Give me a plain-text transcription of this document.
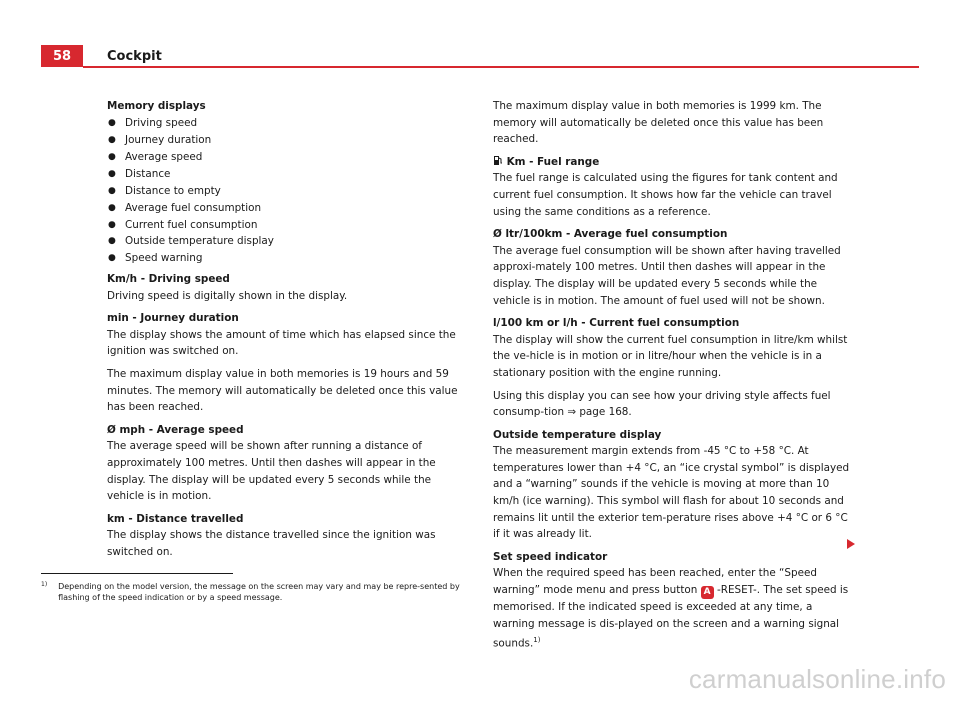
58	Cockpit
Memory displays
● Driving speed
● Journey duration
● Average speed
● Distance
● Distance to empty
● Average fuel consumption
● Current fuel consumption
● Outside temperature display
● Speed warning
Km/h - Driving speed

Driving speed is digitally shown in the display.

min - Journey duration

The display shows the amount of time which has elapsed since the ignition was switched on.

The maximum display value in both memories is 19 hours and 59 minutes. The memory will automatically be deleted once this value has been reached.

Ø mph - Average speed

The average speed will be shown after running a distance of approximately 100 metres. Until then dashes will appear in the display. The display will be updated every 5 seconds while the vehicle is in motion.

km - Distance travelled

The display shows the distance travelled since the ignition was switched on.

The maximum display value in both memories is 1999 km. The memory will automatically be deleted once this value has been reached.

Km - Fuel range

The fuel range is calculated using the figures for tank content and current fuel consumption. It shows how far the vehicle can travel using the same conditions as a reference.

Ø ltr/100km - Average fuel consumption

The average fuel consumption will be shown after having travelled approxi-mately 100 metres. Until then dashes will appear in the display. The display will be updated every 5 seconds while the vehicle is in motion. The amount of fuel used will not be shown.

l/100 km or l/h - Current fuel consumption

The display will show the current fuel consumption in litre/km whilst the ve-hicle is in motion or in litre/hour when the vehicle is in a stationary position with the engine running.

Using this display you can see how your driving style affects fuel consump-tion ⇒ page 168.

Outside temperature display

The measurement margin extends from -45 °C to +58 °C. At temperatures lower than +4 °C, an “ice crystal symbol” is displayed and a “warning” sounds if the vehicle is moving at more than 10 km/h (ice warning). This symbol will flash for about 10 seconds and remains lit until the exterior tem-perature rises above +4 °C or 6 °C if it was already lit.

Set speed indicator

When the required speed has been reached, enter the “Speed warning” mode menu and press button A -RESET-. The set speed is memorised. If the indicated speed is exceeded at any time, a warning message is dis-played on the screen and a warning signal sounds.$^{1)}$

1)	Depending on the model version, the message on the screen may vary and may be repre-sented by flashing of the speed indication or by a speed message.
carmanualsonline.info
